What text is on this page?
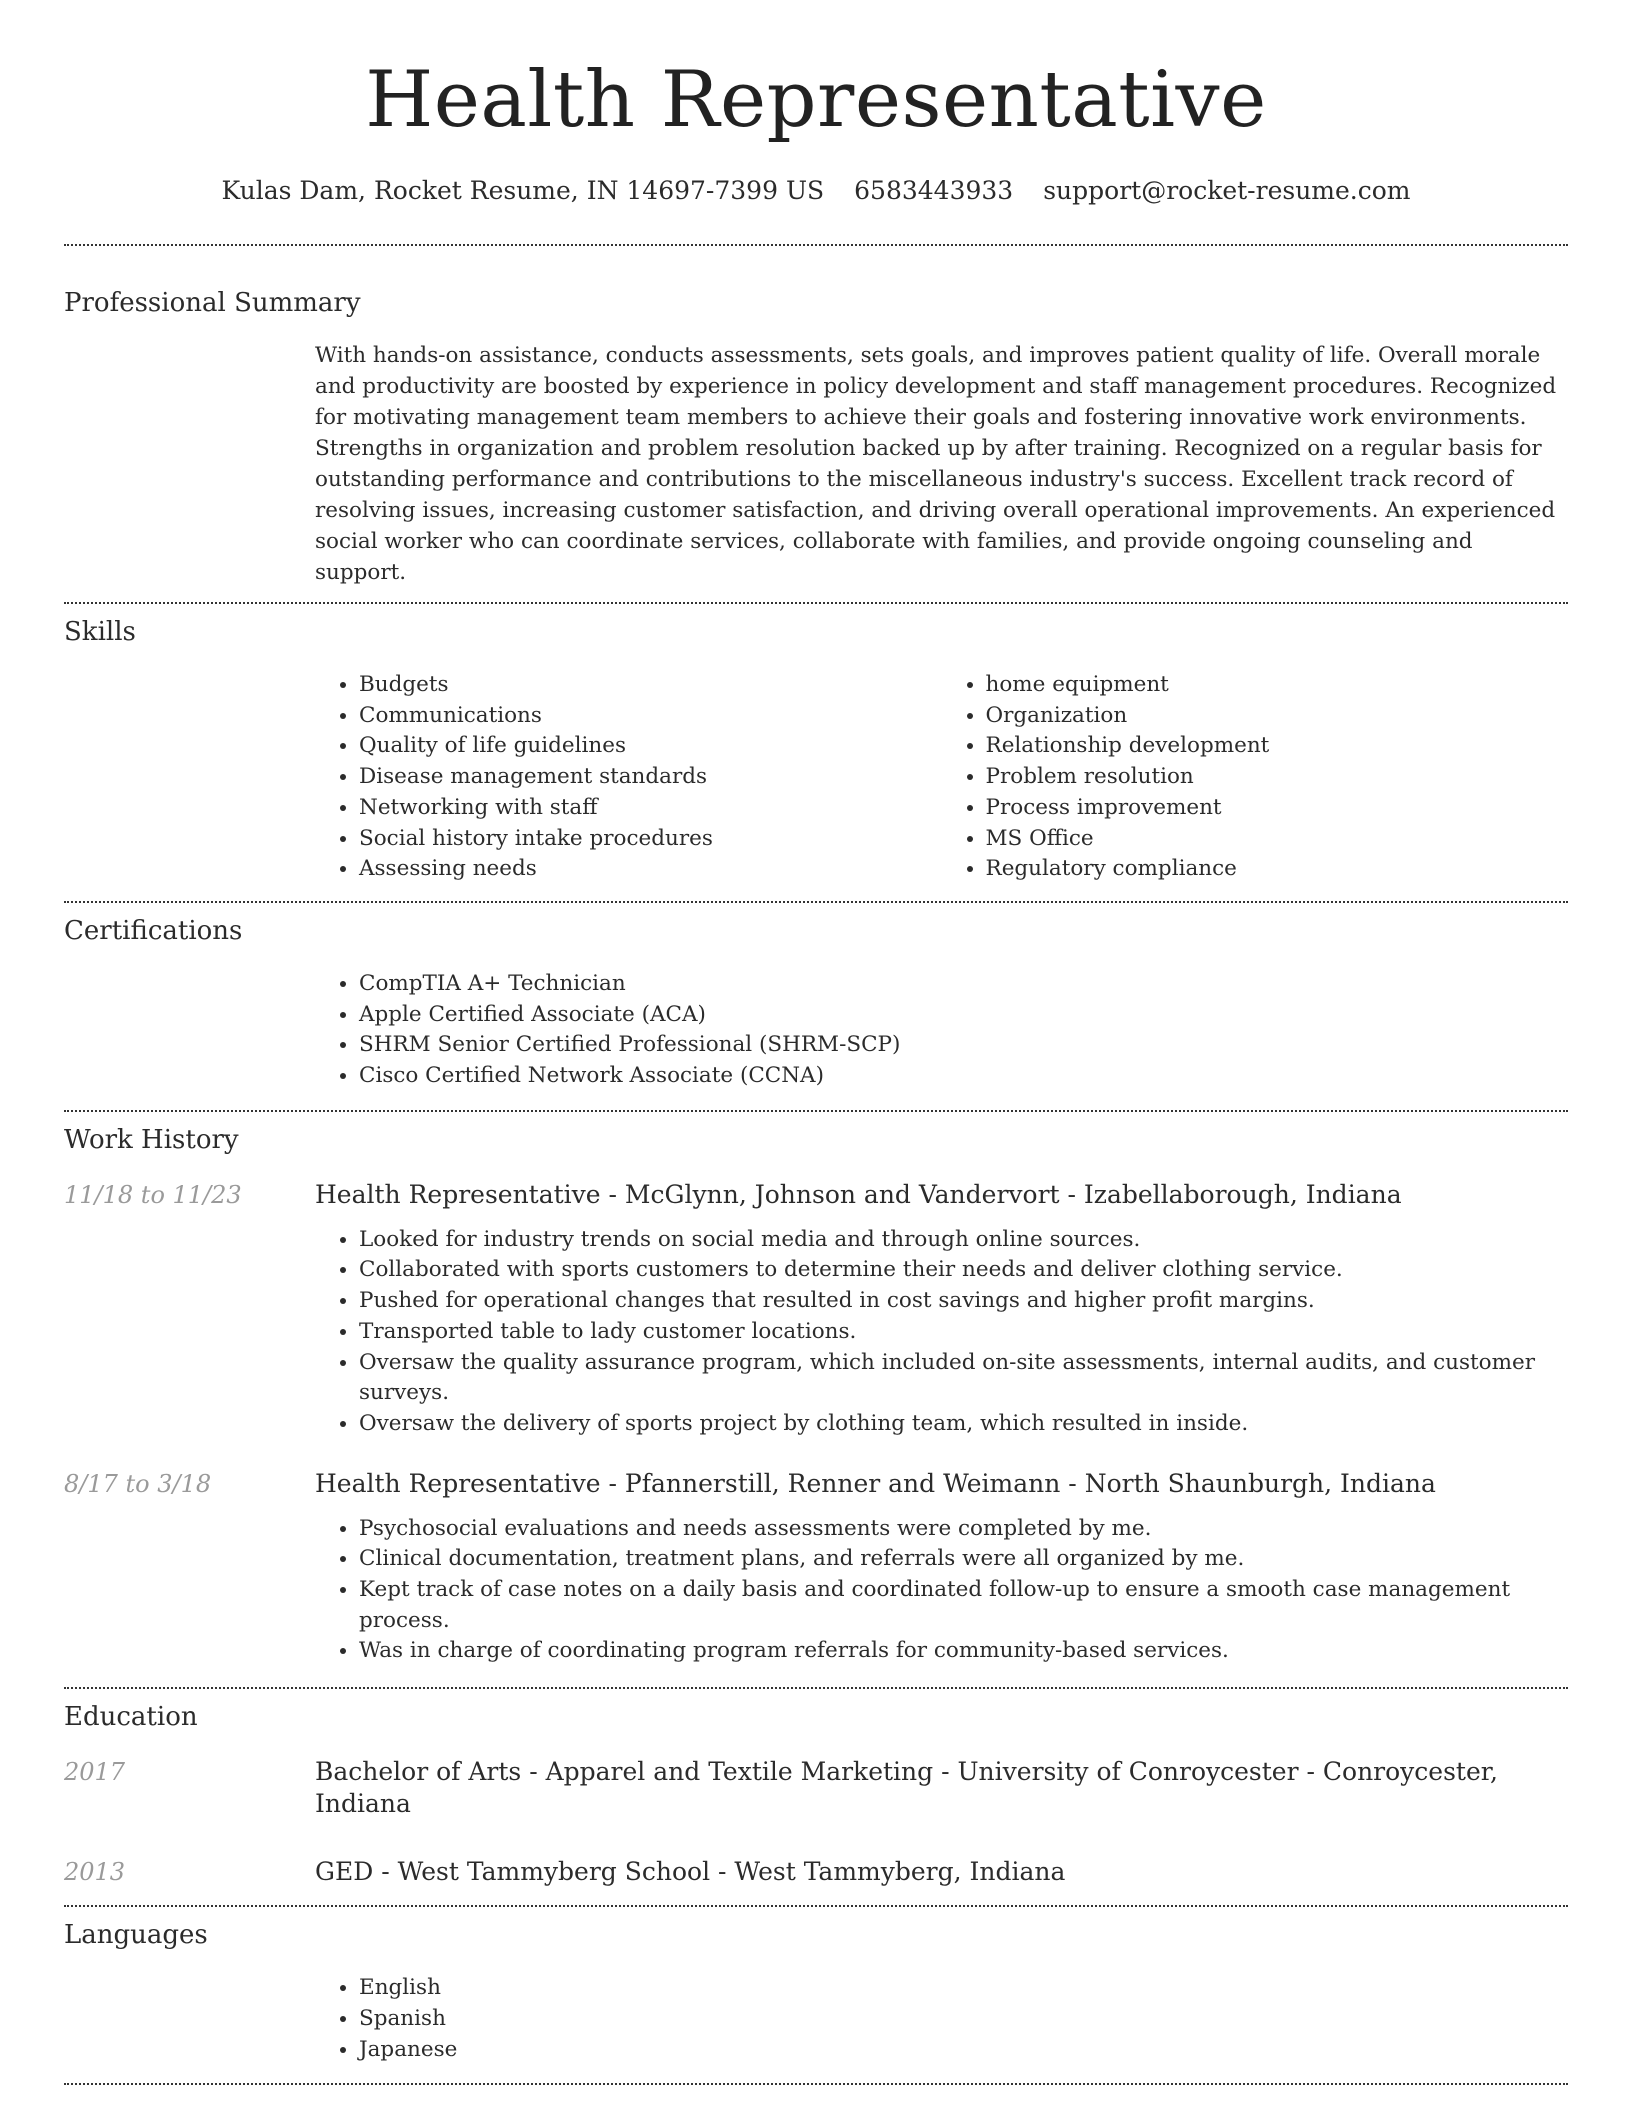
Health Representative
Kulas Dam, Rocket Resume, IN 14697-7399 US 6583443933 support@rocket-resume.com
Professional Summary
With hands-on assistance, conducts assessments, sets goals, and improves patient quality of life. Overall morale and productivity are boosted by experience in policy development and staff management procedures. Recognized for motivating management team members to achieve their goals and fostering innovative work environments. Strengths in organization and problem resolution backed up by after training. Recognized on a regular basis for outstanding performance and contributions to the miscellaneous industry's success. Excellent track record of resolving issues, increasing customer satisfaction, and driving overall operational improvements. An experienced social worker who can coordinate services, collaborate with families, and provide ongoing counseling and support.
Skills
• Budgets
• Communications
• Quality of life guidelines
• Disease management standards
• Networking with staff
• Social history intake procedures
• Assessing needs
• home equipment
• Organization
• Relationship development
• Problem resolution
• Process improvement
• MS Office
• Regulatory compliance
Certifications
• CompTIA A+ Technician
• Apple Certified Associate (ACA)
• SHRM Senior Certified Professional (SHRM-SCP)
• Cisco Certified Network Associate (CCNA)
Work History
11/18 to 11/23	Health Representative - McGlynn, Johnson and Vandervort - Izabellaborough, Indiana
• Looked for industry trends on social media and through online sources.
• Collaborated with sports customers to determine their needs and deliver clothing service.
• Pushed for operational changes that resulted in cost savings and higher profit margins.
• Transported table to lady customer locations.
• Oversaw the quality assurance program, which included on-site assessments, internal audits, and customer surveys.
• Oversaw the delivery of sports project by clothing team, which resulted in inside.
8/17 to 3/18	Health Representative - Pfannerstill, Renner and Weimann - North Shaunburgh, Indiana
• Psychosocial evaluations and needs assessments were completed by me.
• Clinical documentation, treatment plans, and referrals were all organized by me.
• Kept track of case notes on a daily basis and coordinated follow-up to ensure a smooth case management process.
• Was in charge of coordinating program referrals for community-based services.
Education
2017	Bachelor of Arts - Apparel and Textile Marketing - University of Conroycester - Conroycester, Indiana
2013	GED - West Tammyberg School - West Tammyberg, Indiana
Languages
• English
• Spanish
• Japanese
